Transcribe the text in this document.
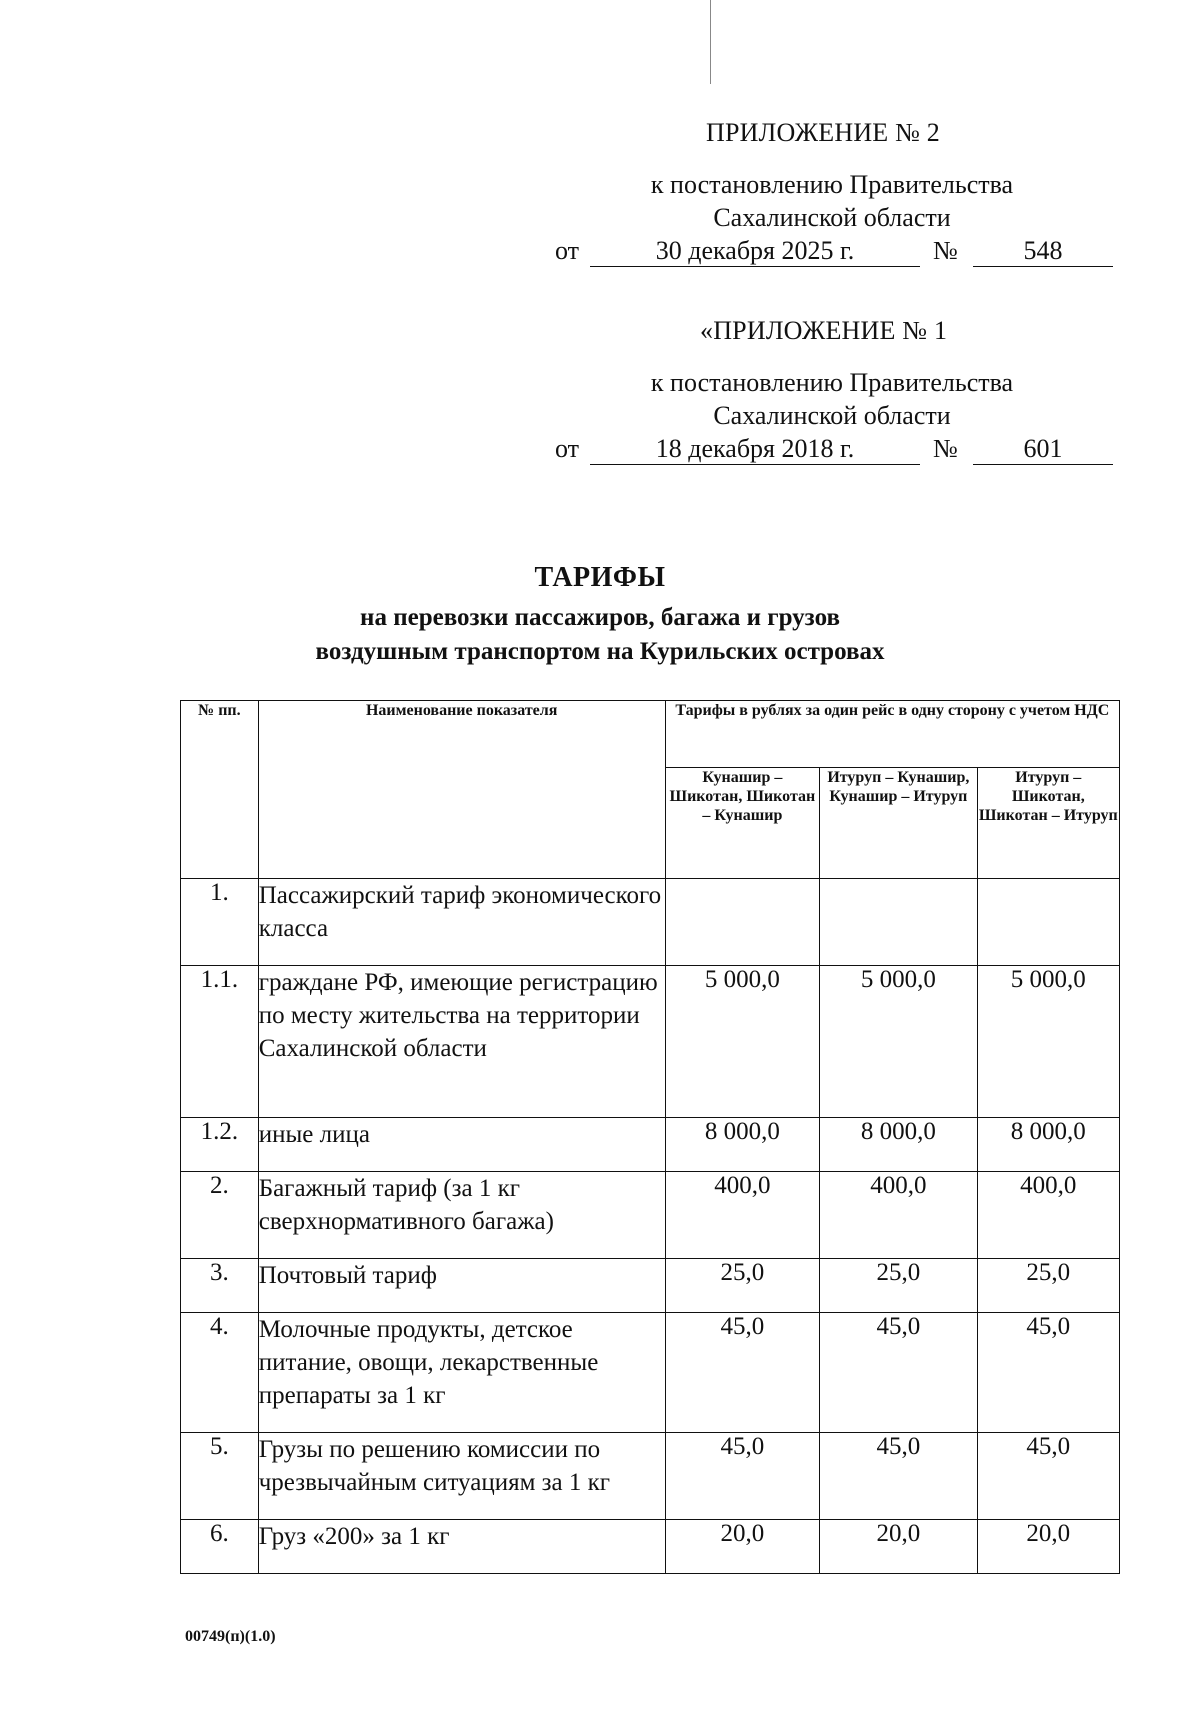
ПРИЛОЖЕНИЕ № 2
к постановлению Правительства
Сахалинской области
от	30 декабря 2025 г.	№	548
«ПРИЛОЖЕНИЕ № 1
к постановлению Правительства
Сахалинской области
от	18 декабря 2018 г.	№	601
ТАРИФЫ
на перевозки пассажиров, багажа и грузов
воздушным транспортом на Курильских островах
№ пп.	Наименование показателя	Тарифы в рублях за один рейс в одну сторону с учетом НДС		
		Кунашир – Шикотан, Шикотан – Кунашир	Итуруп – Кунашир, Кунашир – Итуруп	Итуруп – Шикотан, Шикотан – Итуруп
1.	Пассажирский тариф экономического класса			
1.1.	граждане РФ, имеющие регистрацию по месту жительства на территории Сахалинской области	5 000,0	5 000,0	5 000,0
1.2.	иные лица	8 000,0	8 000,0	8 000,0
2.	Багажный тариф (за 1 кг сверхнормативного багажа)	400,0	400,0	400,0
3.	Почтовый тариф	25,0	25,0	25,0
4.	Молочные продукты, детское питание, овощи, лекарственные препараты за 1 кг	45,0	45,0	45,0
5.	Грузы по решению комиссии по чрезвычайным ситуациям за 1 кг	45,0	45,0	45,0
6.	Груз «200» за 1 кг	20,0	20,0	20,0
00749(п)(1.0)
